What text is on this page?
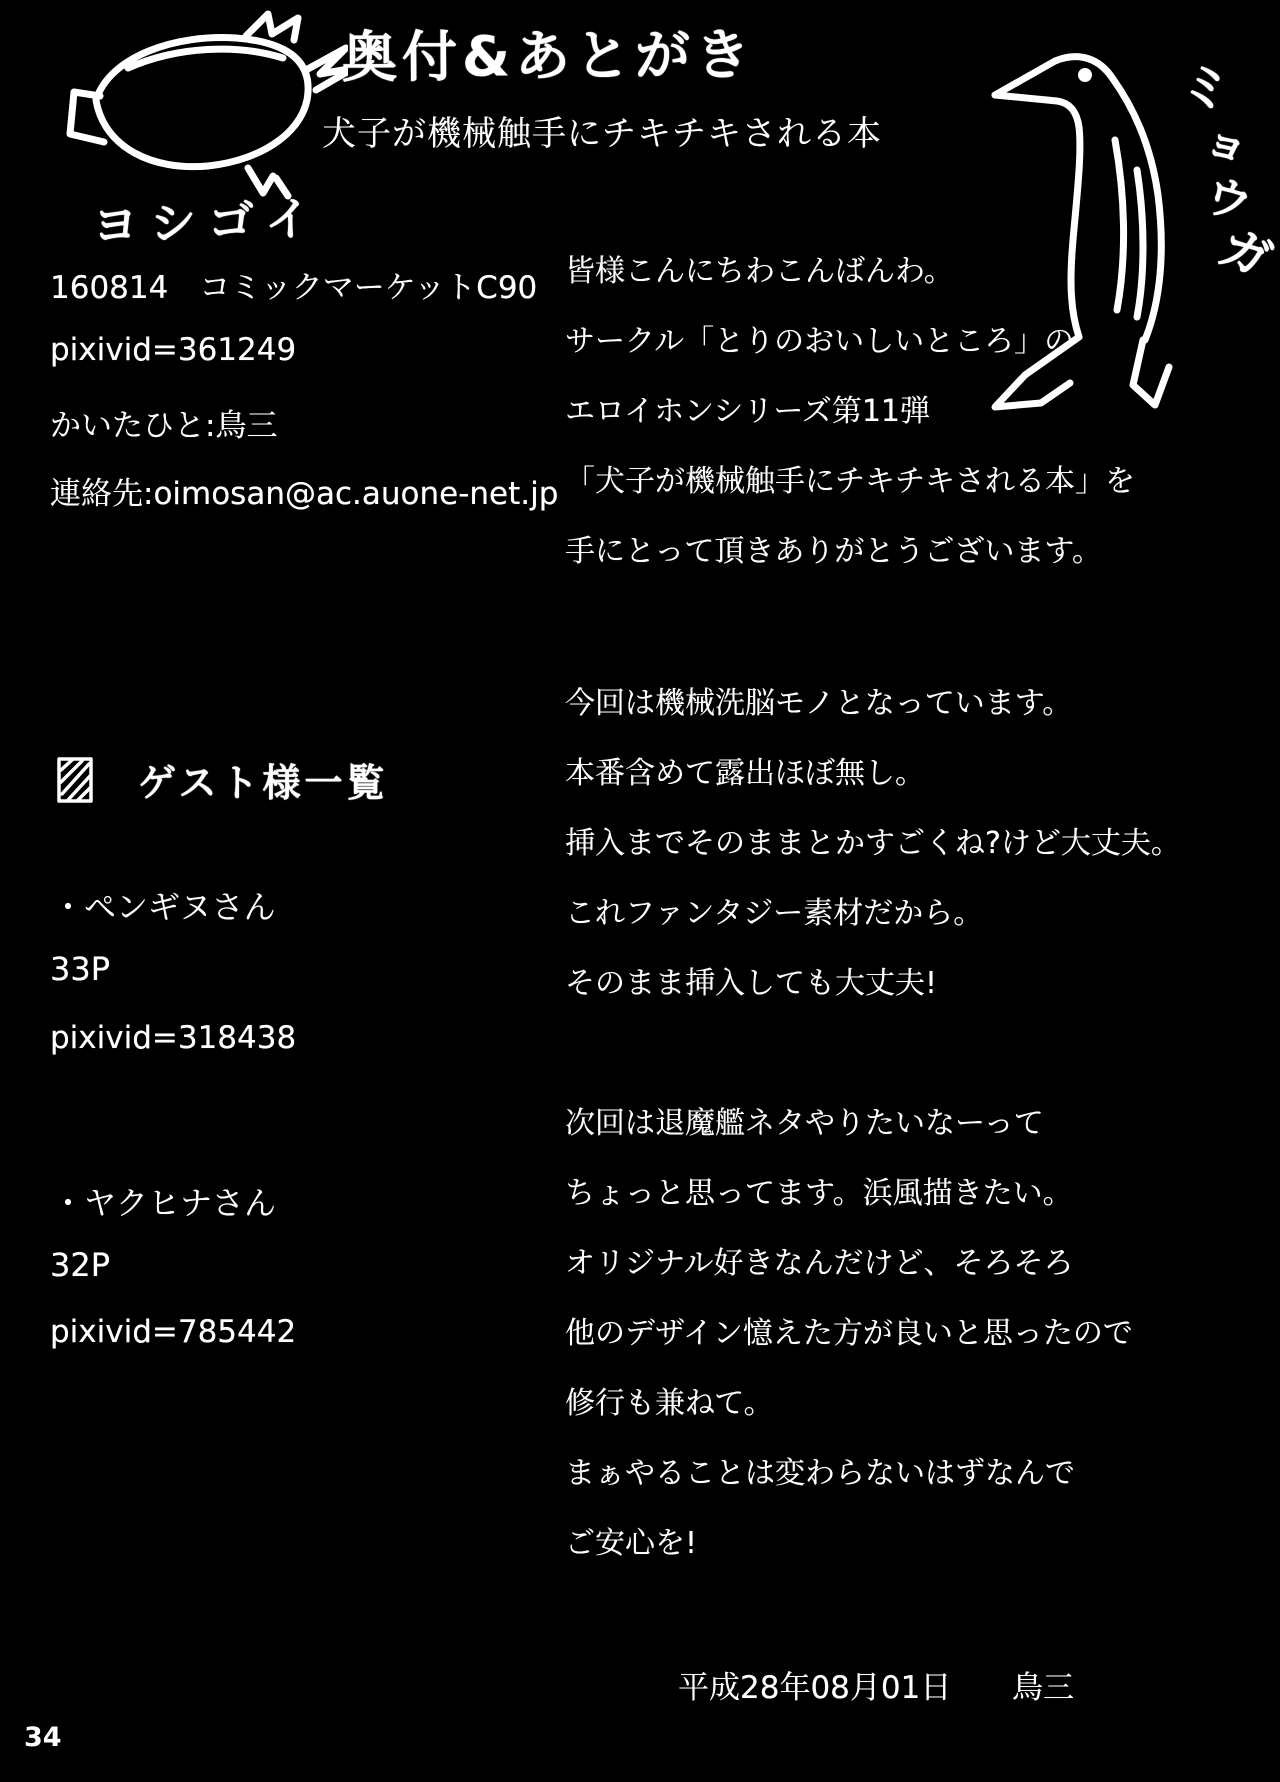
奥付&あとがき
犬子が機械触手にチキチキされる本
ヨシゴイ
ミ
ョ
ウ
ガ
160814　コミックマーケットC90
pixivid=361249
かいたひと:鳥三
連絡先:oimosan@ac.auone-net.jp
皆様こんにちわこんばんわ。
サークル「とりのおいしいところ」の
エロイホンシリーズ第11弾
「犬子が機械触手にチキチキされる本」を
手にとって頂きありがとうございます。
ゲスト様一覧
・ペンギヌさん
33P
pixivid=318438
・ヤクヒナさん
32P
pixivid=785442
今回は機械洗脳モノとなっています。
本番含めて露出ほぼ無し。
挿入までそのままとかすごくね?けど大丈夫。
これファンタジー素材だから。
そのまま挿入しても大丈夫!
次回は退魔艦ネタやりたいなーって
ちょっと思ってます。浜風描きたい。
オリジナル好きなんだけど、そろそろ
他のデザイン憶えた方が良いと思ったので
修行も兼ねて。
まぁやることは変わらないはずなんで
ご安心を!
平成28年08月01日 鳥三
34
